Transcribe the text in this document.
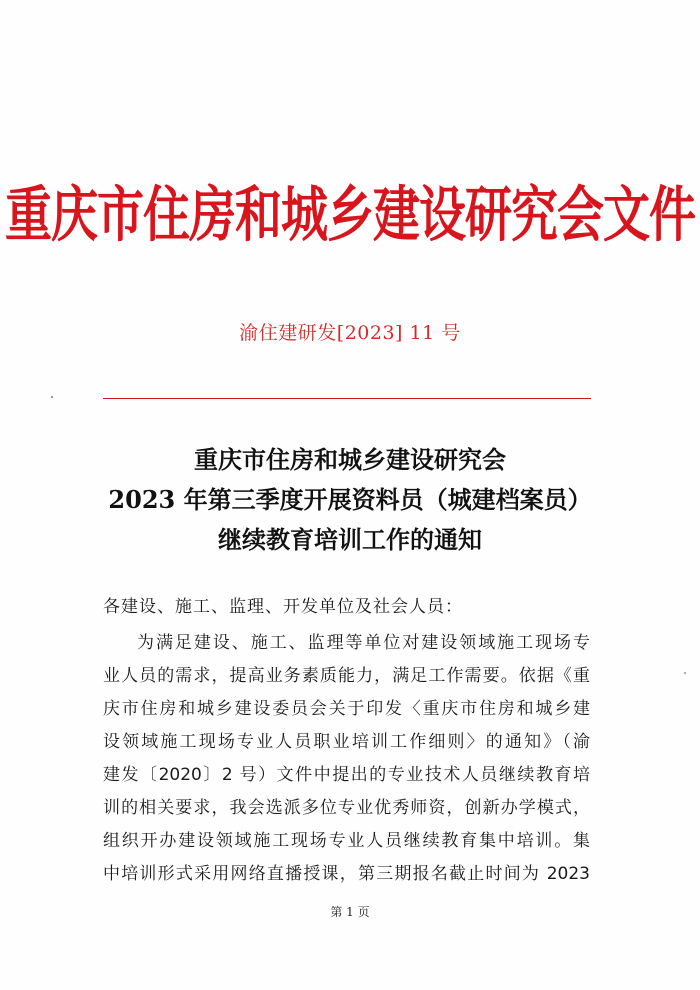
重庆市住房和城乡建设研究会文件
渝住建研发[2023] 11 号
重庆市住房和城乡建设研究会
2023 年第三季度开展资料员（城建档案员）
继续教育培训工作的通知
各建设、施工、监理、开发单位及社会人员：
为满足建设、施工、监理等单位对建设领域施工现场专
业人员的需求，提高业务素质能力，满足工作需要。依据《重
庆市住房和城乡建设委员会关于印发〈重庆市住房和城乡建
设领域施工现场专业人员职业培训工作细则〉的通知》（渝
建发〔2020〕2 号）文件中提出的专业技术人员继续教育培
训的相关要求，我会选派多位专业优秀师资，创新办学模式，
组织开办建设领域施工现场专业人员继续教育集中培训。集
中培训形式采用网络直播授课，第三期报名截止时间为 2023
第 1 页
